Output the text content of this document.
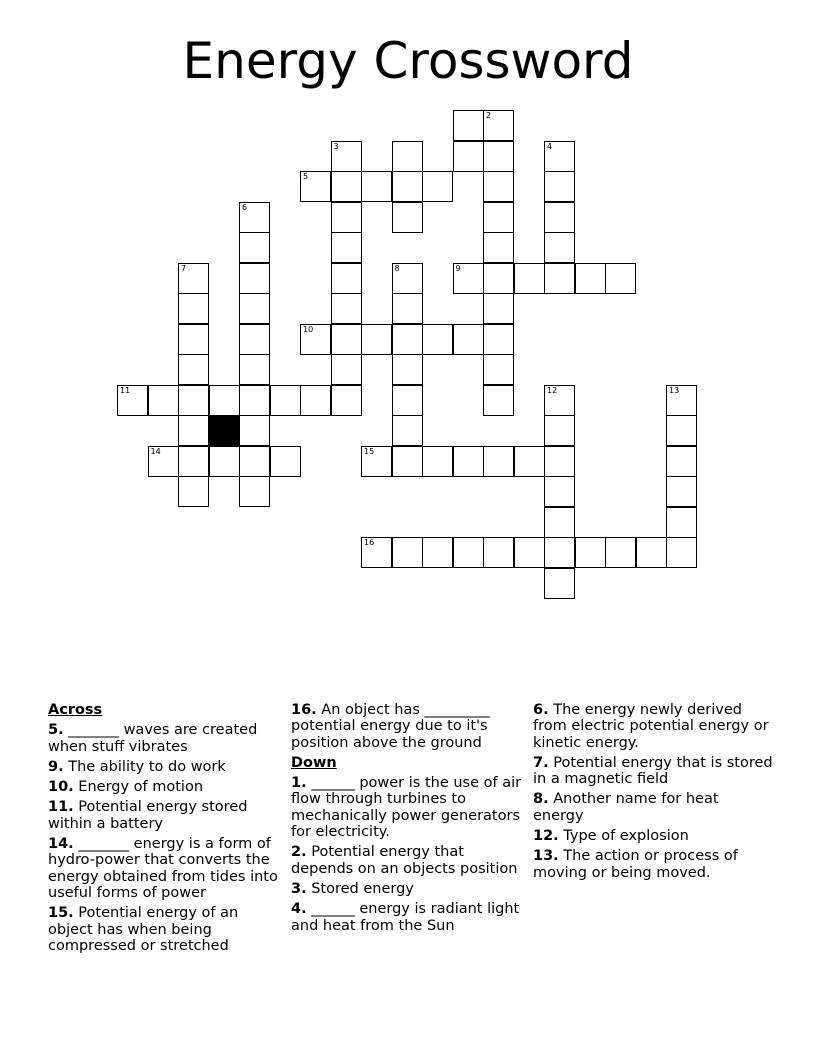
Energy Crossword
2
3	4
5
6
7	8	9
10
11	12	13
14	15
16
Across
5. _______ waves are created when stuff vibrates
9. The ability to do work
10. Energy of motion
11. Potential energy stored within a battery
14. _______ energy is a form of hydro-power that converts the energy obtained from tides into useful forms of power
15. Potential energy of an object has when being compressed or stretched
16. An object has _________ potential energy due to it's position above the ground
Down
1. ______ power is the use of air flow through turbines to mechanically power generators for electricity.
2. Potential energy that depends on an objects position
3. Stored energy
4. ______ energy is radiant light and heat from the Sun
6. The energy newly derived from electric potential energy or kinetic energy.
7. Potential energy that is stored in a magnetic field
8. Another name for heat energy
12. Type of explosion
13. The action or process of moving or being moved.
